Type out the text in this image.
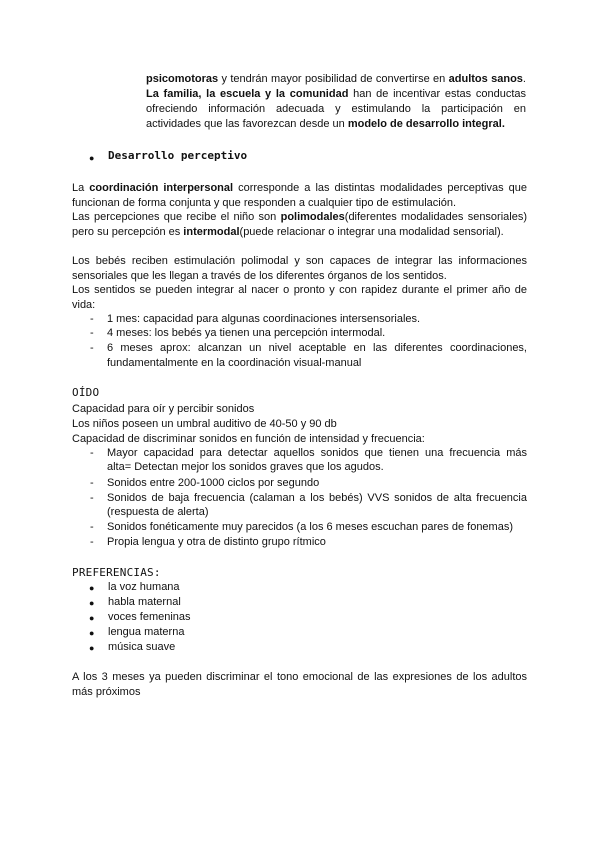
psicomotoras y tendrán mayor posibilidad de convertirse en adultos sanos.
La familia, la escuela y la comunidad han de incentivar estas conductas
ofreciendo información adecuada y estimulando la participación en
actividades que las favorezcan desde un modelo de desarrollo integral.
● Desarrollo perceptivo
La coordinación interpersonal corresponde a las distintas modalidades perceptivas que
funcionan de forma conjunta y que responden a cualquier tipo de estimulación.
Las percepciones que recibe el niño son polimodales(diferentes modalidades sensoriales)
pero su percepción es intermodal(puede relacionar o integrar una modalidad sensorial).
Los bebés reciben estimulación polimodal y son capaces de integrar las informaciones
sensoriales que les llegan a través de los diferentes órganos de los sentidos.
Los sentidos se pueden integrar al nacer o pronto y con rapidez durante el primer año de
vida:
- 1 mes: capacidad para algunas coordinaciones intersensoriales.
- 4 meses: los bebés ya tienen una percepción intermodal.
- 6 meses aprox: alcanzan un nivel aceptable en las diferentes coordinaciones,
fundamentalmente en la coordinación visual-manual
OÍDO
Capacidad para oír y percibir sonidos
Los niños poseen un umbral auditivo de 40-50 y 90 db
Capacidad de discriminar sonidos en función de intensidad y frecuencia:
- Mayor capacidad para detectar aquellos sonidos que tienen una frecuencia más
alta= Detectan mejor los sonidos graves que los agudos.
- Sonidos entre 200-1000 ciclos por segundo
- Sonidos de baja frecuencia (calaman a los bebés) VVS sonidos de alta frecuencia
(respuesta de alerta)
- Sonidos fonéticamente muy parecidos (a los 6 meses escuchan pares de fonemas)
- Propia lengua y otra de distinto grupo rítmico
PREFERENCIAS:
● la voz humana
● habla maternal
● voces femeninas
● lengua materna
● música suave
A los 3 meses ya pueden discriminar el tono emocional de las expresiones de los adultos
más próximos
